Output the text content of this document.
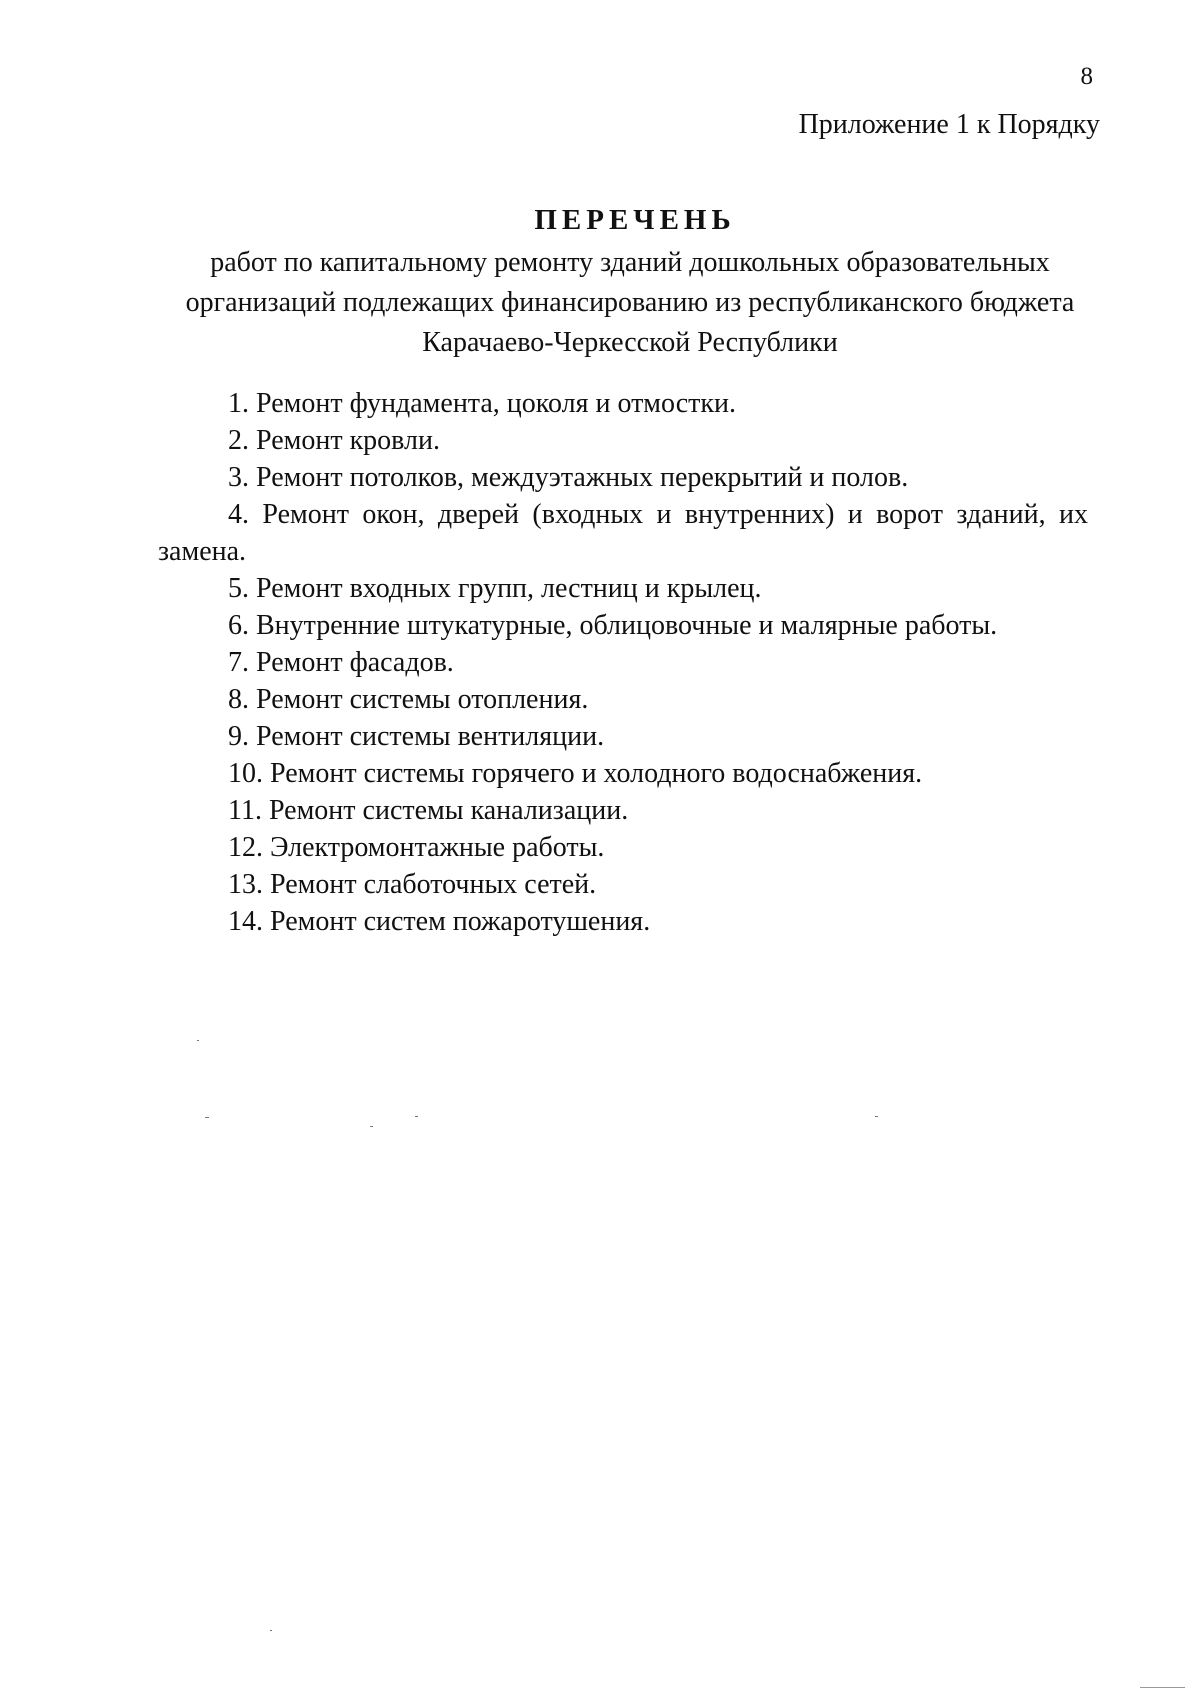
8
Приложение 1 к Порядку
ПЕРЕЧЕНЬ
работ по капитальному ремонту зданий дошкольных образовательных организаций подлежащих финансированию из республиканского бюджета Карачаево-Черкесской Республики
1. Ремонт фундамента, цоколя и отмостки.
2. Ремонт кровли.
3. Ремонт потолков, междуэтажных перекрытий и полов.
4. Ремонт окон, дверей (входных и внутренних) и ворот зданий, их замена.
5. Ремонт входных групп, лестниц и крылец.
6. Внутренние штукатурные, облицовочные и малярные работы.
7. Ремонт фасадов.
8. Ремонт системы отопления.
9. Ремонт системы вентиляции.
10. Ремонт системы горячего и холодного водоснабжения.
11. Ремонт системы канализации.
12. Электромонтажные работы.
13. Ремонт слаботочных сетей.
14. Ремонт систем пожаротушения.
